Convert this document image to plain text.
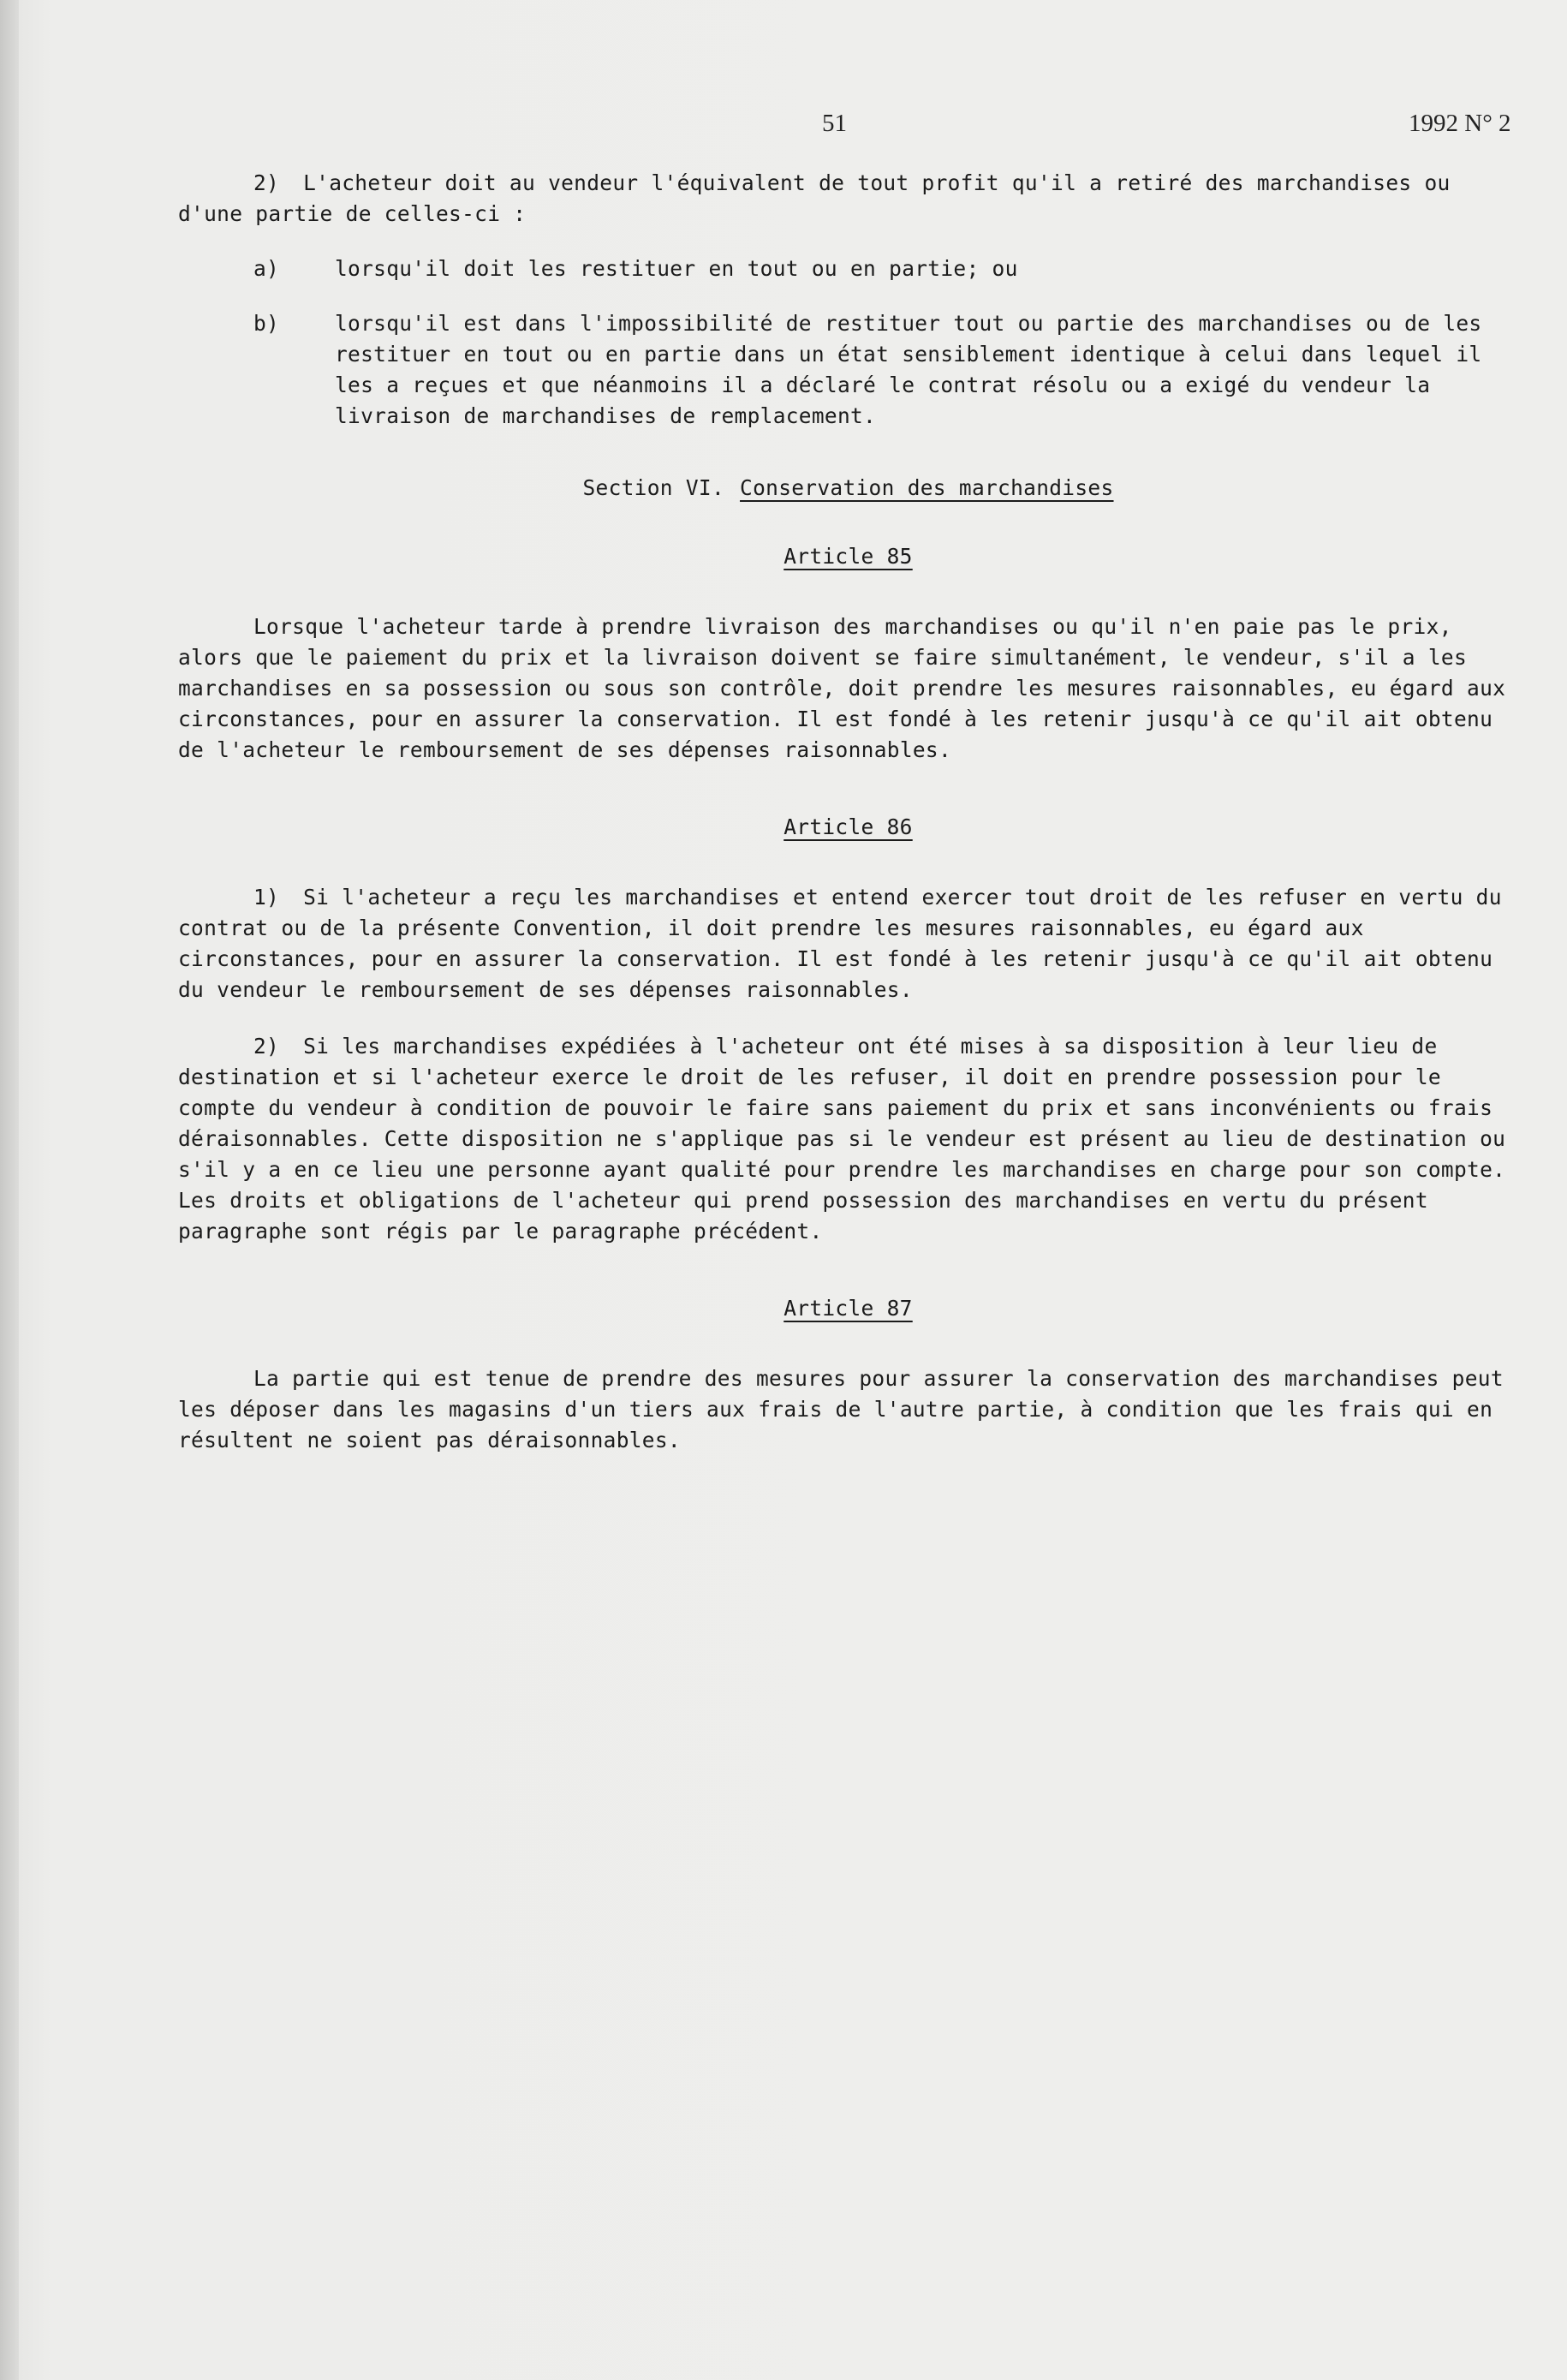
51	1992 N° 2

2) L'acheteur doit au vendeur l'équivalent de tout profit qu'il a retiré des marchandises ou d'une partie de celles-ci :

a)	lorsqu'il doit les restituer en tout ou en partie; ou
b)	lorsqu'il est dans l'impossibilité de restituer tout ou partie des marchandises ou de les restituer en tout ou en partie dans un état sensiblement identique à celui dans lequel il les a reçues et que néanmoins il a déclaré le contrat résolu ou a exigé du vendeur la livraison de marchandises de remplacement.
Section VI. Conservation des marchandises
Article 85

Lorsque l'acheteur tarde à prendre livraison des marchandises ou qu'il n'en paie pas le prix, alors que le paiement du prix et la livraison doivent se faire simultanément, le vendeur, s'il a les marchandises en sa possession ou sous son contrôle, doit prendre les mesures raisonnables, eu égard aux circonstances, pour en assurer la conservation. Il est fondé à les retenir jusqu'à ce qu'il ait obtenu de l'acheteur le remboursement de ses dépenses raisonnables.

Article 86

1) Si l'acheteur a reçu les marchandises et entend exercer tout droit de les refuser en vertu du contrat ou de la présente Convention, il doit prendre les mesures raisonnables, eu égard aux circonstances, pour en assurer la conservation. Il est fondé à les retenir jusqu'à ce qu'il ait obtenu du vendeur le remboursement de ses dépenses raisonnables.

2) Si les marchandises expédiées à l'acheteur ont été mises à sa disposition à leur lieu de destination et si l'acheteur exerce le droit de les refuser, il doit en prendre possession pour le compte du vendeur à condition de pouvoir le faire sans paiement du prix et sans inconvénients ou frais déraisonnables. Cette disposition ne s'applique pas si le vendeur est présent au lieu de destination ou s'il y a en ce lieu une personne ayant qualité pour prendre les marchandises en charge pour son compte. Les droits et obligations de l'acheteur qui prend possession des marchandises en vertu du présent paragraphe sont régis par le paragraphe précédent.

Article 87

La partie qui est tenue de prendre des mesures pour assurer la conservation des marchandises peut les déposer dans les magasins d'un tiers aux frais de l'autre partie, à condition que les frais qui en résultent ne soient pas déraisonnables.
